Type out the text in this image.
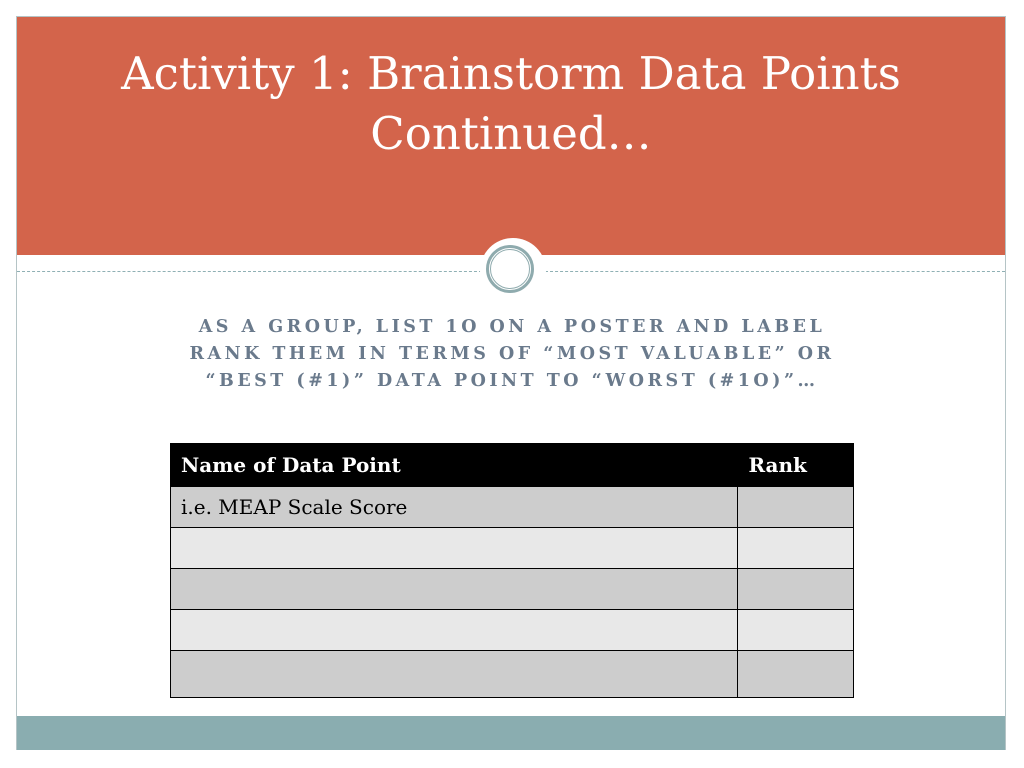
Activity 1: Brainstorm Data Points
Continued…
AS A GROUP, LIST 1O ON A POSTER AND LABEL
RANK THEM IN TERMS OF “MOST VALUABLE” OR
“BEST (#1)” DATA POINT TO “WORST (#1O)”…
Name of Data Point	Rank
i.e. MEAP Scale Score	
